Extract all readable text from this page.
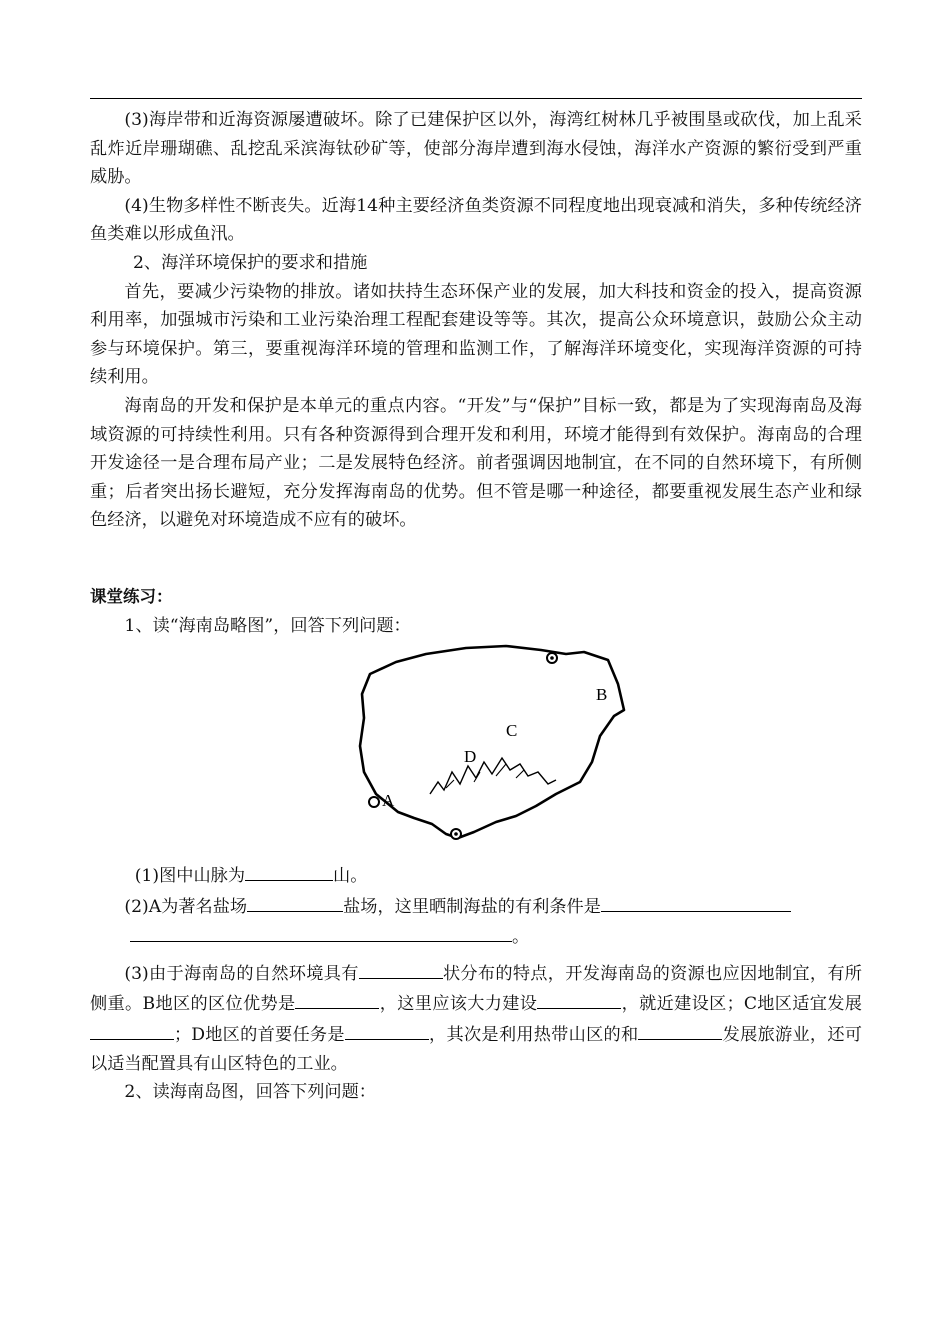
(3)海岸带和近海资源屡遭破坏。除了已建保护区以外，海湾红树林几乎被围垦或砍伐，加上乱采乱炸近岸珊瑚礁、乱挖乱采滨海钛砂矿等，使部分海岸遭到海水侵蚀，海洋水产资源的繁衍受到严重威胁。

(4)生物多样性不断丧失。近海14种主要经济鱼类资源不同程度地出现衰减和消失，多种传统经济鱼类难以形成鱼汛。

2、海洋环境保护的要求和措施

首先，要减少污染物的排放。诸如扶持生态环保产业的发展，加大科技和资金的投入，提高资源利用率，加强城市污染和工业污染治理工程配套建设等等。其次，提高公众环境意识，鼓励公众主动参与环境保护。第三，要重视海洋环境的管理和监测工作，了解海洋环境变化，实现海洋资源的可持续利用。

海南岛的开发和保护是本单元的重点内容。“开发”与“保护”目标一致，都是为了实现海南岛及海域资源的可持续性利用。只有各种资源得到合理开发和利用，环境才能得到有效保护。海南岛的合理开发途径一是合理布局产业；二是发展特色经济。前者强调因地制宜，在不同的自然环境下，有所侧重；后者突出扬长避短，充分发挥海南岛的优势。但不管是哪一种途径，都要重视发展生态产业和绿色经济，以避免对环境造成不应有的破坏。

课堂练习：

1、读“海南岛略图”，回答下列问题：

A
B
C
D

(1)图中山脉为	山。

(2)A为著名盐场	盐场，这里晒制海盐的有利条件是
。

(3)由于海南岛的自然环境具有	状分布的特点，开发海南岛的资源也应因地制宜，有所侧重。B地区的区位优势是	，这里应该大力建设	，就近建设区；C地区适宜发展；D地区的首要任务是	，其次是利用热带山区的和	发展旅游业，还可以适当配置具有山区特色的工业。

2、读海南岛图，回答下列问题：
